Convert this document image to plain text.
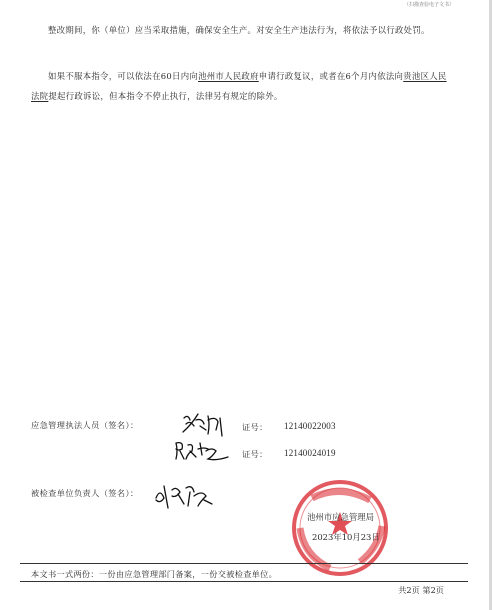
（扫描查验电子文书）

整改期间，你（单位）应当采取措施，确保安全生产。对安全生产违法行为，将依法予以行政处罚。

如果不服本指令，可以依法在60日内向池州市人民政府申请行政复议，或者在6个月内依法向贵池区人民法院提起行政诉讼，但本指令不停止执行，法律另有规定的除外。

应急管理执法人员（签名）：	证号： 12140022003
证号： 12140024019
被检查单位负责人（签名）：
池州市应急管理局
2023年10月23日
本文书一式两份：一份由应急管理部门备案，一份交被检查单位。
共2页 第2页
